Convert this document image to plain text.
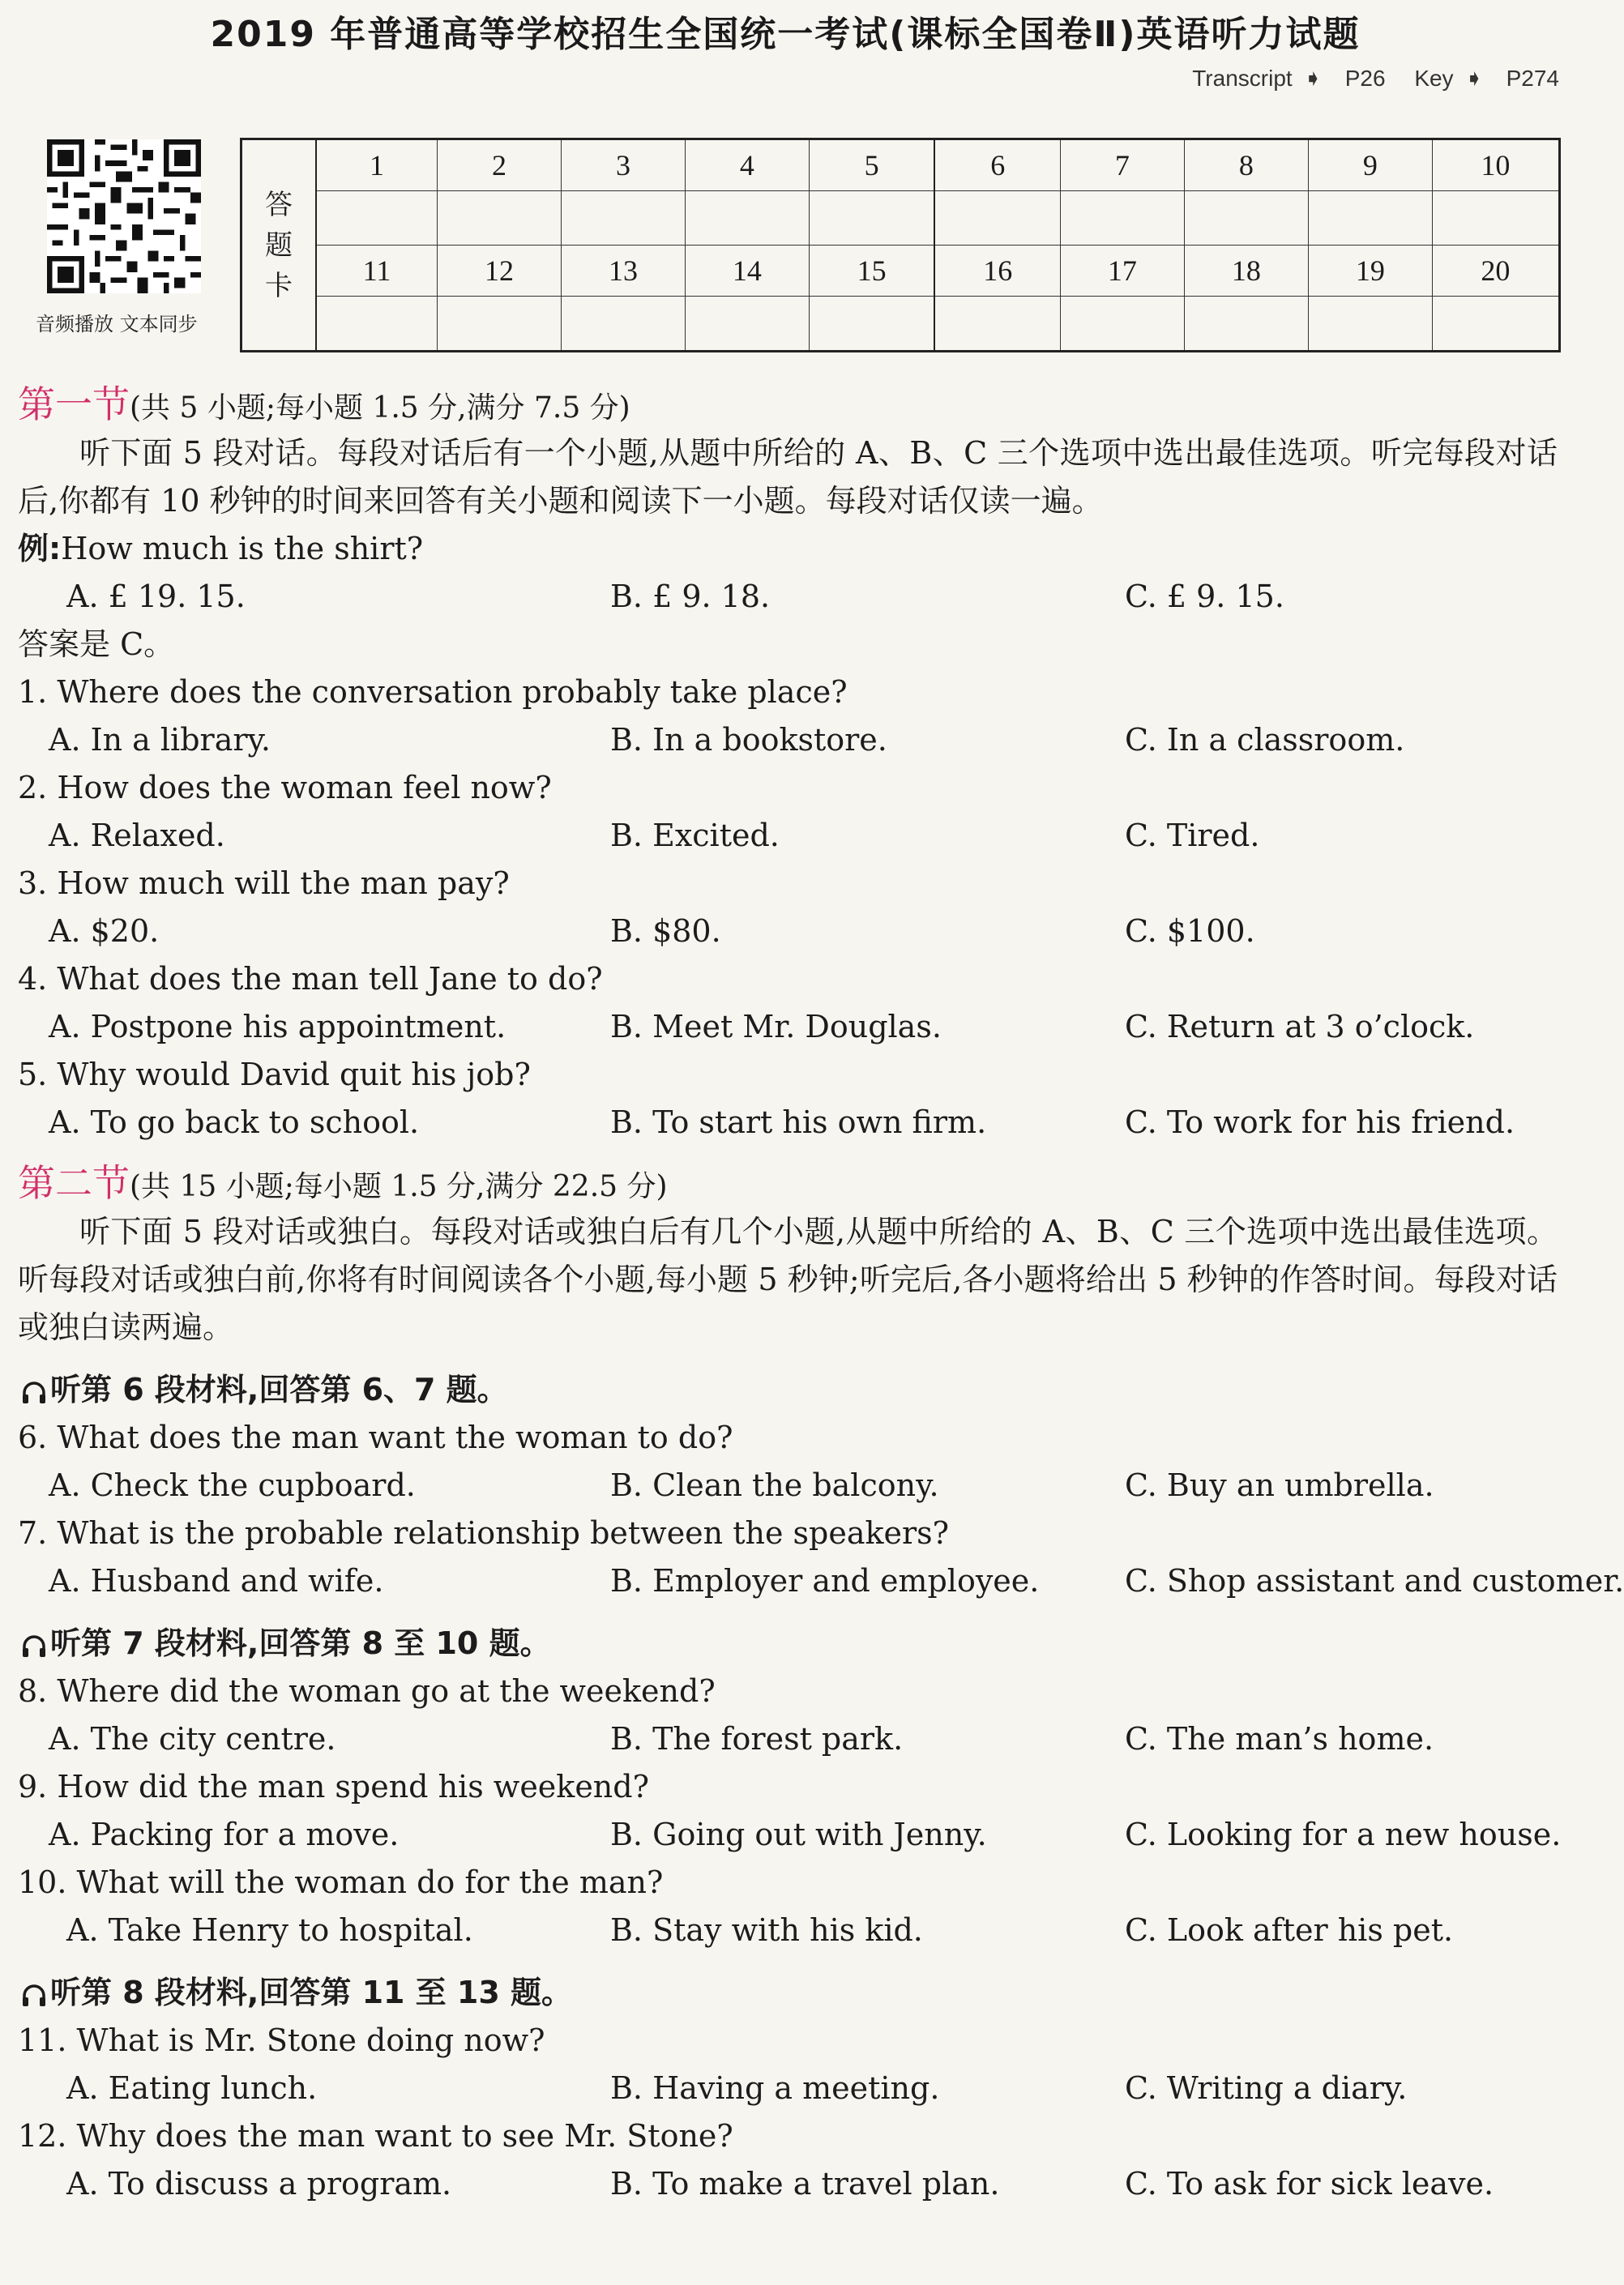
2019 年普通高等学校招生全国统一考试(课标全国卷Ⅱ)英语听力试题
Transcript ➧ P26 Key ➧ P274
音频播放 文本同步
答
题
卡	1	2	3	4	5	6	7	8	9	10

	11	12	13	14	15	16	17	18	19	20

第一节(共 5 小题;每小题 1.5 分,满分 7.5 分)

听下面 5 段对话。每段对话后有一个小题,从题中所给的 A、B、C 三个选项中选出最佳选项。听完每段对话后,你都有 10 秒钟的时间来回答有关小题和阅读下一小题。每段对话仅读一遍。

例:How much is the shirt?
A. £ 19. 15.	B. £ 9. 18.	C. £ 9. 15.
答案是 C。
1. Where does the conversation probably take place?
A. In a library.	B. In a bookstore.	C. In a classroom.
2. How does the woman feel now?
A. Relaxed.	B. Excited.	C. Tired.
3. How much will the man pay?
A. $20.	B. $80.	C. $100.
4. What does the man tell Jane to do?
A. Postpone his appointment.	B. Meet Mr. Douglas.	C. Return at 3 o’clock.
5. Why would David quit his job?
A. To go back to school.	B. To start his own firm.	C. To work for his friend.
第二节(共 15 小题;每小题 1.5 分,满分 22.5 分)

听下面 5 段对话或独白。每段对话或独白后有几个小题,从题中所给的 A、B、C 三个选项中选出最佳选项。听每段对话或独白前,你将有时间阅读各个小题,每小题 5 秒钟;听完后,各小题将给出 5 秒钟的作答时间。每段对话或独白读两遍。

听第 6 段材料,回答第 6、7 题。
6. What does the man want the woman to do?
A. Check the cupboard.	B. Clean the balcony.	C. Buy an umbrella.
7. What is the probable relationship between the speakers?
A. Husband and wife.	B. Employer and employee.	C. Shop assistant and customer.
听第 7 段材料,回答第 8 至 10 题。
8. Where did the woman go at the weekend?
A. The city centre.	B. The forest park.	C. The man’s home.
9. How did the man spend his weekend?
A. Packing for a move.	B. Going out with Jenny.	C. Looking for a new house.
10. What will the woman do for the man?
A. Take Henry to hospital.	B. Stay with his kid.	C. Look after his pet.
听第 8 段材料,回答第 11 至 13 题。
11. What is Mr. Stone doing now?
A. Eating lunch.	B. Having a meeting.	C. Writing a diary.
12. Why does the man want to see Mr. Stone?
A. To discuss a program.	B. To make a travel plan.	C. To ask for sick leave.
